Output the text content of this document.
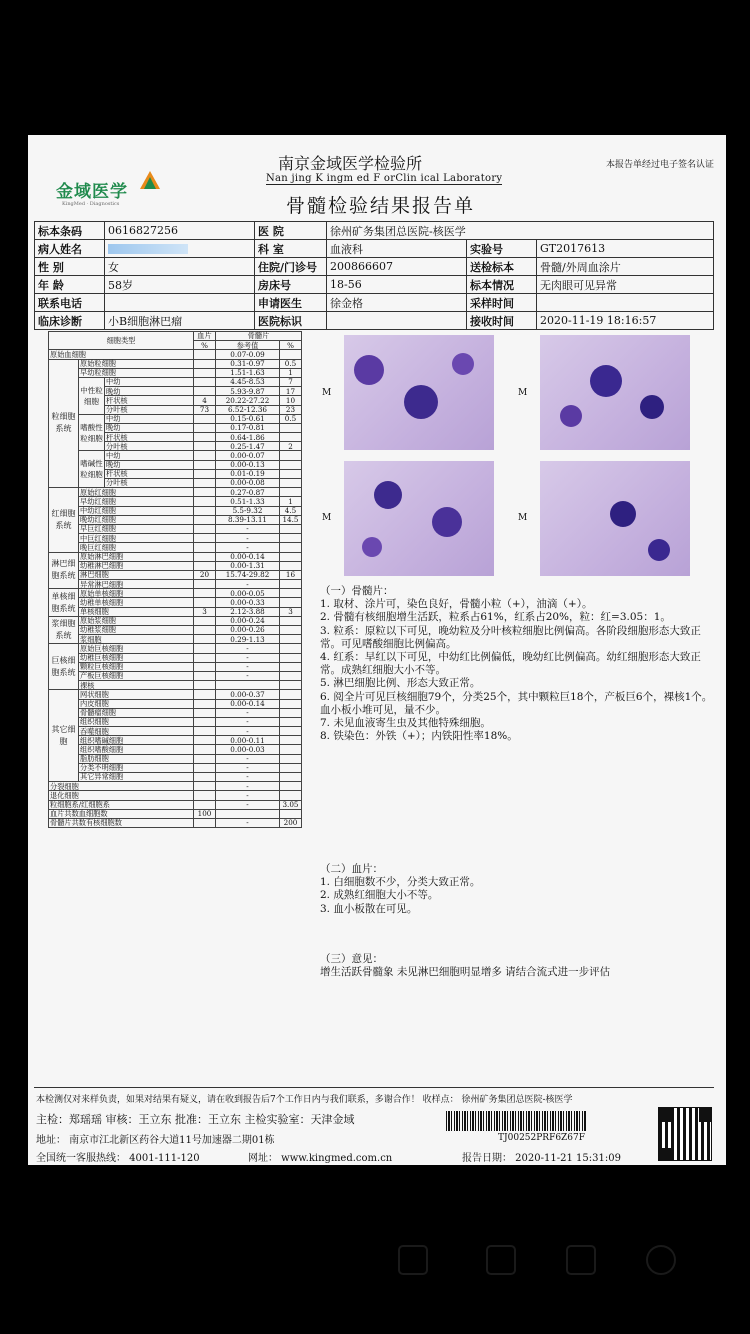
金域医学
KingMed · Diagnostics
南京金域医学检验所
Nan jing K ingm ed F orClin ical Laboratory
骨髓检验结果报告单
本报告单经过电子签名认证
标本条码	0616827256	医 院	徐州矿务集团总医院-核医学		
病人姓名		科 室	血液科	实验号	GT2017613
性 别	女	住院/门诊号	200866607	送检标本	骨髓/外周血涂片
年 龄	58岁	房床号	18-56	标本情况	无肉眼可见异常
联系电话		申请医生	徐金格	采样时间	
临床诊断	小B细胞淋巴瘤	医院标识		接收时间	2020-11-19 18:16:57
细胞类型			血片	骨髓片	
			%	参考值	%
原始血细胞				0.07-0.09	
粒细胞系统	原始粒细胞			0.31-0.97	0.5
	早幼粒细胞			1.51-1.63	1
	中性粒细胞	中幼		4.45-8.53	7
		晚幼		5.93-9.87	17
		杆状核	4	20.22-27.22	10
		分叶核	73	6.52-12.36	23
	嗜酸性粒细胞	中幼		0.15-0.61	0.5
		晚幼		0.17-0.81	
		杆状核		0.64-1.86	
		分叶核		0.25-1.47	2
	嗜碱性粒细胞	中幼		0.00-0.07	
		晚幼		0.00-0.13	
		杆状核		0.01-0.19	
		分叶核		0.00-0.08	
红细胞系统	原始红细胞			0.27-0.87	
	早幼红细胞			0.51-1.33	1
	中幼红细胞			5.5-9.32	4.5
	晚幼红细胞			8.39-13.11	14.5
	早巨红细胞			-	
	中巨红细胞			-	
	晚巨红细胞			-	
淋巴细胞系统	原始淋巴细胞			0.00-0.14	
	幼稚淋巴细胞			0.00-1.31	
	淋巴细胞		20	15.74-29.82	16
	异常淋巴细胞			-	
单核细胞系统	原始单核细胞			0.00-0.05	
	幼稚单核细胞			0.00-0.33	
	单核细胞		3	2.12-3.88	3
浆细胞系统	原始浆细胞			0.00-0.24	
	幼稚浆细胞			0.00-0.26	
	浆细胞			0.29-1.13	
巨核细胞系统	原始巨核细胞			-	
	幼稚巨核细胞			-	
	颗粒巨核细胞			-	
	产板巨核细胞			-	
	裸核				
其它细胞	网状细胞			0.00-0.37	
	内皮细胞			0.00-0.14	
	骨髓瘤细胞			-	
	组织细胞			-	
	吞噬细胞			-	
	组织嗜碱细胞			0.00-0.11	
	组织嗜酸细胞			0.00-0.03	
	脂肪细胞			-	
	分类不明细胞			-	
	其它异常细胞			-	
分裂细胞				-	
退化细胞				-	
粒细胞系/红细胞系				-	3.05
血片共数血细胞数			100		
骨髓片共数有核细胞数				-	200
M	M
M	M
（一）骨髓片：
1. 取材、涂片可，染色良好，骨髓小粒（+），油滴（+）。
2. 骨髓有核细胞增生活跃，粒系占61%，红系占20%，粒：红=3.05：1。
3. 粒系：原粒以下可见，晚幼粒及分叶核粒细胞比例偏高。各阶段细胞形态大致正常。可见嗜酸细胞比例偏高。
4. 红系：早红以下可见，中幼红比例偏低，晚幼红比例偏高。幼红细胞形态大致正常。成熟红细胞大小不等。
5. 淋巴细胞比例、形态大致正常。
6. 阅全片可见巨核细胞79个，分类25个，其中颗粒巨18个，产板巨6个，裸核1个。血小板小堆可见，量不少。
7. 未见血液寄生虫及其他特殊细胞。
8. 铁染色：外铁（+）；内铁阳性率18%。
（二）血片：
1. 白细胞数不少，分类大致正常。
2. 成熟红细胞大小不等。
3. 血小板散在可见。
（三）意见：
增生活跃骨髓象 未见淋巴细胞明显增多 请结合流式进一步评估
本检测仅对来样负责，如果对结果有疑义，请在收到报告后7个工作日内与我们联系，多谢合作！ 收样点： 徐州矿务集团总医院-核医学
主检：郑瑶瑶 审核：王立东 批准：王立东 主检实验室：天津金域
地址： 南京市江北新区药谷大道11号加速器二期01栋
全国统一客服热线： 4001-111-120	网址： www.kingmed.com.cn	报告日期： 2020-11-21 15:31:09
TJ00252PRF6Z67F
